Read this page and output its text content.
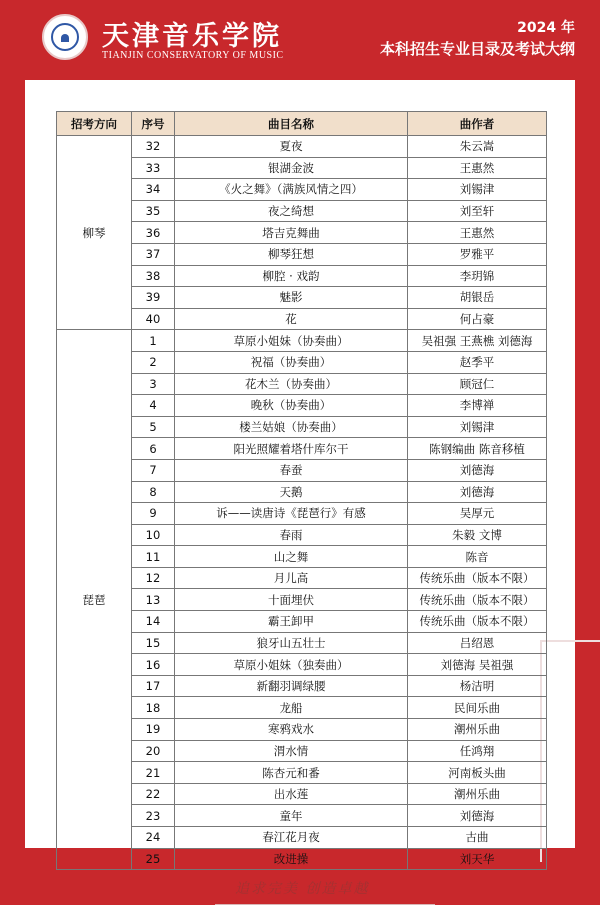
天津音乐学院
TIANJIN CONSERVATORY OF MUSIC
2024 年
本科招生专业目录及考试大纲
招考方向	序号	曲目名称	曲作者
柳琴	32	夏夜	朱云嵩
	33	银湖金波	王惠然
	34	《火之舞》（满族风情之四）	刘锡津
	35	夜之绮想	刘至轩
	36	塔吉克舞曲	王惠然
	37	柳琴狂想	罗雅平
	38	柳腔 · 戏韵	李玥锦
	39	魅影	胡银岳
	40	花	何占豪
琵琶	1	草原小姐妹（协奏曲）	吴祖强 王燕樵 刘德海
	2	祝福（协奏曲）	赵季平
	3	花木兰（协奏曲）	顾冠仁
	4	晚秋（协奏曲）	李博禅
	5	楼兰姑娘（协奏曲）	刘锡津
	6	阳光照耀着塔什库尔干	陈钢编曲 陈音移植
	7	春蚕	刘德海
	8	天鹅	刘德海
	9	诉——读唐诗《琵琶行》有感	吴厚元
	10	春雨	朱毅 文博
	11	山之舞	陈音
	12	月儿高	传统乐曲（版本不限）
	13	十面埋伏	传统乐曲（版本不限）
	14	霸王卸甲	传统乐曲（版本不限）
	15	狼牙山五壮士	吕绍恩
	16	草原小姐妹（独奏曲）	刘德海 吴祖强
	17	新翻羽调绿腰	杨洁明
	18	龙船	民间乐曲
	19	寒鸦戏水	潮州乐曲
	20	渭水情	任鸿翔
	21	陈杏元和番	河南板头曲
	22	出水莲	潮州乐曲
	23	童年	刘德海
	24	春江花月夜	古曲
	25	改进操	刘天华
追求完美 创造卓越
